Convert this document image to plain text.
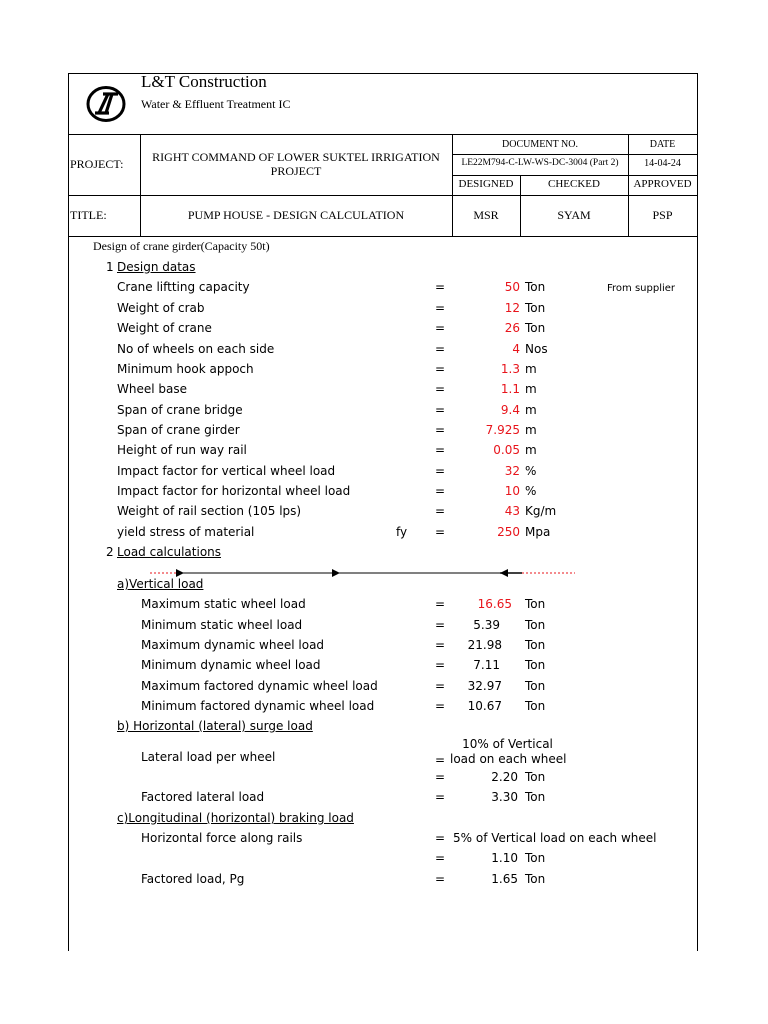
L&T Construction
Water & Effluent Treatment IC
PROJECT:	RIGHT COMMAND OF LOWER SUKTEL IRRIGATION PROJECT
DOCUMENT NO.	DATE
LE22M794-C-LW-WS-DC-3004 (Part 2)	14-04-24
DESIGNED	CHECKED	APPROVED
TITLE:	PUMP HOUSE - DESIGN CALCULATION	MSR	SYAM	PSP
Design of crane girder(Capacity 50t)
1 Design datas
Crane liftting capacity	=	50 Ton	From supplier
Weight of crab	=	12 Ton
Weight of crane	=	26 Ton
No of wheels on each side	=	4 Nos
Minimum hook appoch	=	1.3 m
Wheel base	=	1.1 m
Span of crane bridge	=	9.4 m
Span of crane girder	=	7.925 m
Height of run way rail	=	0.05 m
Impact factor for vertical wheel load	=	32 %
Impact factor for horizontal wheel load	=	10 %
Weight of rail section (105 lps)	=	43 Kg/m
yield stress of material	fy =	250 Mpa
2 Load calculations
a)Vertical load
Maximum static wheel load	=	16.65 Ton
Minimum static wheel load	=	5.39 Ton
Maximum dynamic wheel load	=	21.98 Ton
Minimum dynamic wheel load	=	7.11 Ton
Maximum factored dynamic wheel load	=	32.97 Ton
Minimum factored dynamic wheel load	=	10.67 Ton
b) Horizontal (lateral) surge load
Lateral load per wheel	=
10% of Vertical
load on each wheel
=	2.20 Ton
Factored lateral load	=	3.30 Ton
c)Longitudinal (horizontal) braking load
Horizontal force along rails	= 5% of Vertical load on each wheel
=	1.10 Ton
Factored load, Pg	=	1.65 Ton
